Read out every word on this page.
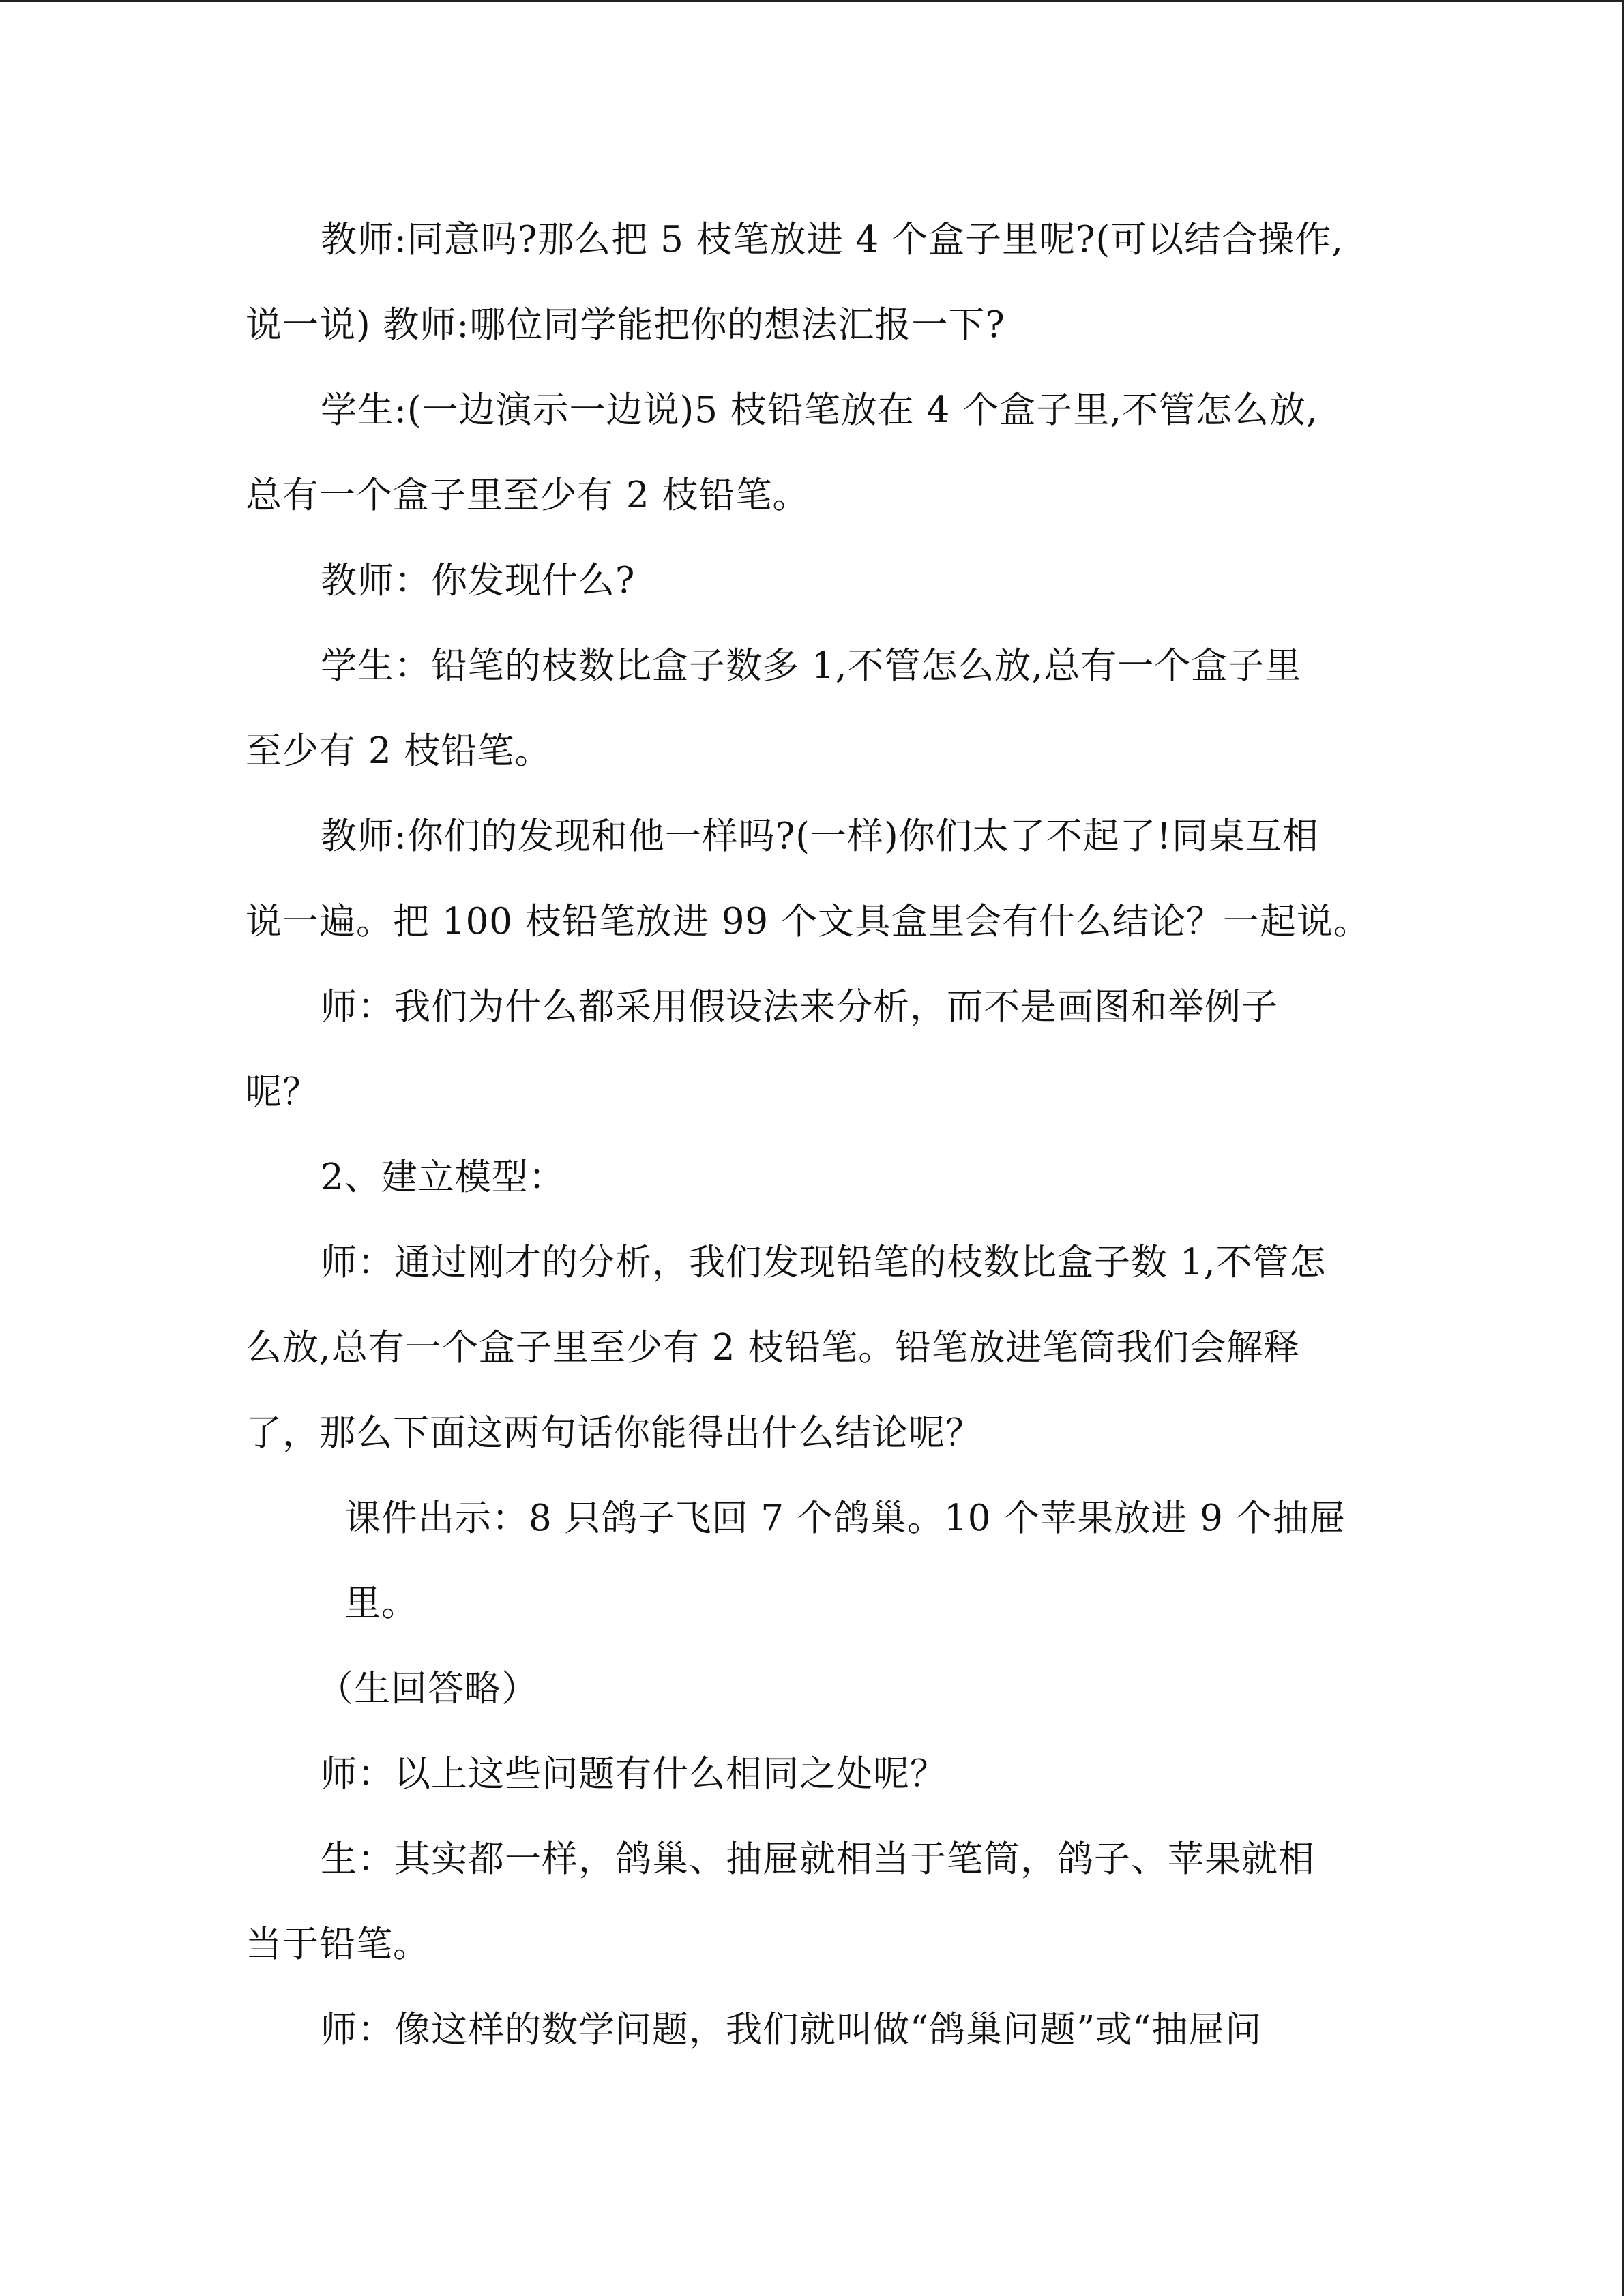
教师:同意吗?那么把 5 枝笔放进 4 个盒子里呢?(可以结合操作,
说一说) 教师:哪位同学能把你的想法汇报一下?
学生:(一边演示一边说)5 枝铅笔放在 4 个盒子里,不管怎么放,
总有一个盒子里至少有 2 枝铅笔。
教师：你发现什么?
学生：铅笔的枝数比盒子数多 1,不管怎么放,总有一个盒子里
至少有 2 枝铅笔。
教师:你们的发现和他一样吗?(一样)你们太了不起了!同桌互相
说一遍。把 100 枝铅笔放进 99 个文具盒里会有什么结论？一起说。
师：我们为什么都采用假设法来分析，而不是画图和举例子
呢？
2、建立模型：
师：通过刚才的分析，我们发现铅笔的枝数比盒子数 1,不管怎
么放,总有一个盒子里至少有 2 枝铅笔。铅笔放进笔筒我们会解释
了，那么下面这两句话你能得出什么结论呢？
课件出示：8 只鸽子飞回 7 个鸽巢。10 个苹果放进 9 个抽屉
里。
（生回答略）
师：以上这些问题有什么相同之处呢？
生：其实都一样，鸽巢、抽屉就相当于笔筒，鸽子、苹果就相
当于铅笔。
师：像这样的数学问题，我们就叫做“鸽巢问题”或“抽屉问
